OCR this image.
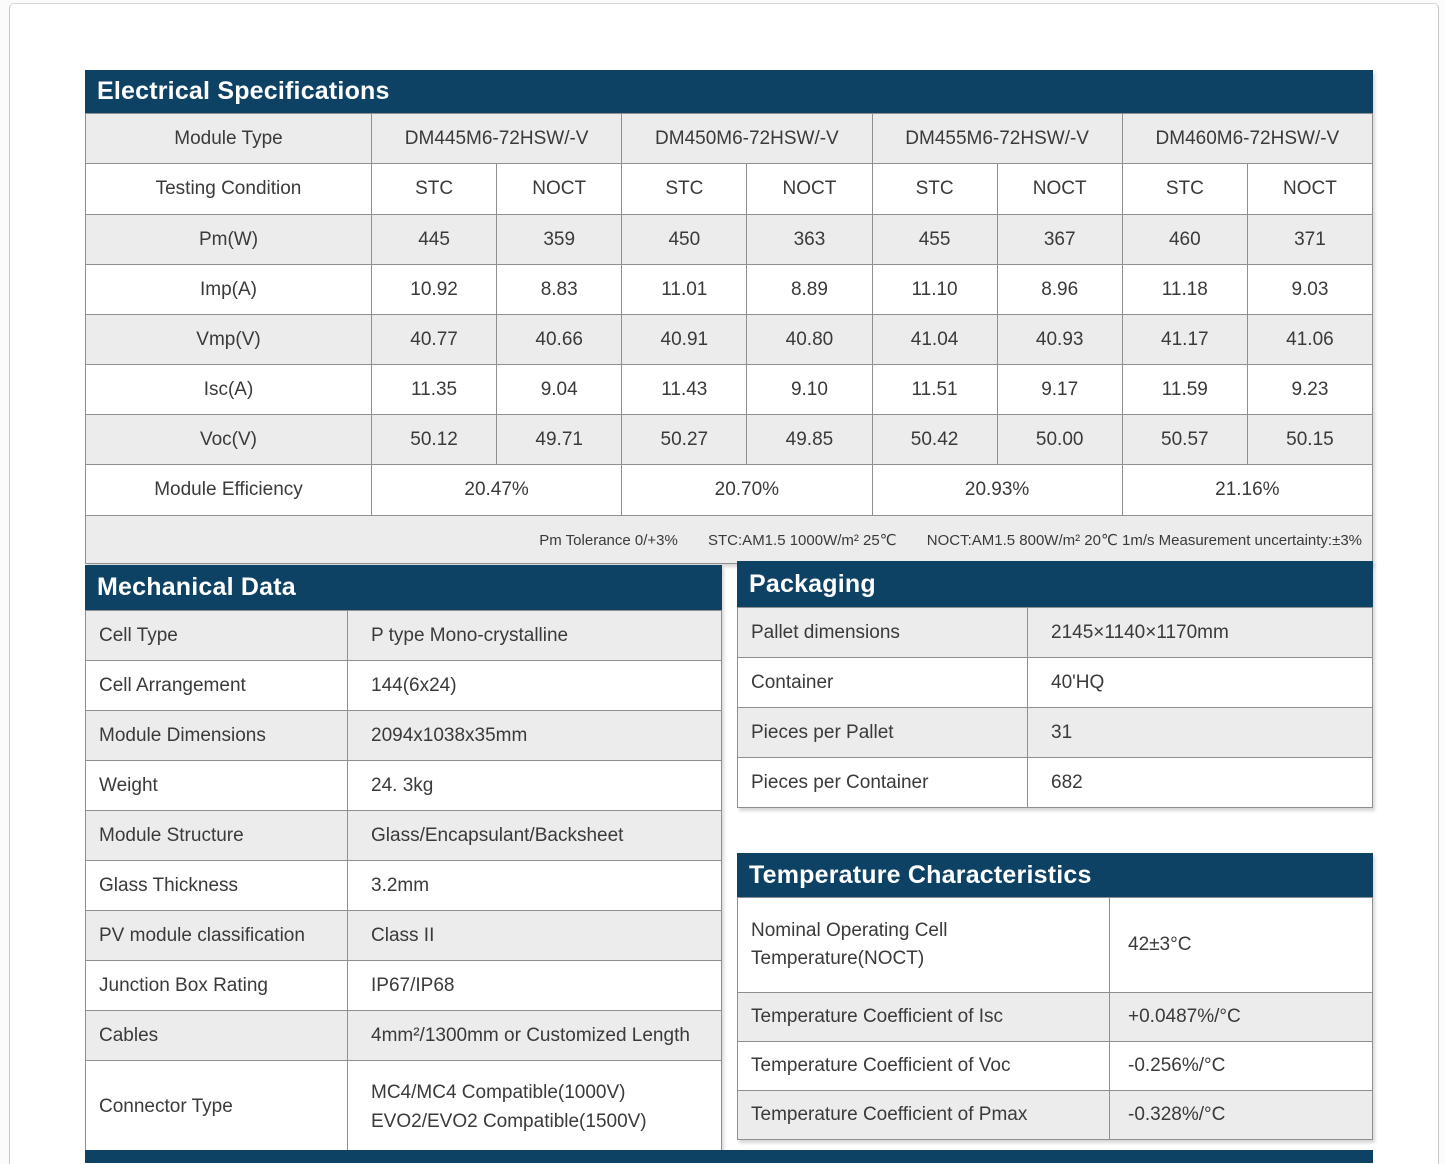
Electrical Specifications
Module Type	DM445M6-72HSW/-V		DM450M6-72HSW/-V		DM455M6-72HSW/-V		DM460M6-72HSW/-V	
Testing Condition	STC	NOCT	STC	NOCT	STC	NOCT	STC	NOCT
Pm(W)	445	359	450	363	455	367	460	371
Imp(A)	10.92	8.83	11.01	8.89	11.10	8.96	11.18	9.03
Vmp(V)	40.77	40.66	40.91	40.80	41.04	40.93	41.17	41.06
Isc(A)	11.35	9.04	11.43	9.10	11.51	9.17	11.59	9.23
Voc(V)	50.12	49.71	50.27	49.85	50.42	50.00	50.57	50.15
Module Efficiency	20.47%		20.70%		20.93%		21.16%	
Pm Tolerance 0/+3% STC:AM1.5 1000W/m² 25℃ NOCT:AM1.5 800W/m² 20℃ 1m/s Measurement uncertainty:±3%								
Mechanical Data
Cell Type	P type Mono-crystalline
Cell Arrangement	144(6x24)
Module Dimensions	2094x1038x35mm
Weight	24. 3kg
Module Structure	Glass/Encapsulant/Backsheet
Glass Thickness	3.2mm
PV module classification	Class II
Junction Box Rating	IP67/IP68
Cables	4mm²/1300mm or Customized Length
Connector Type	MC4/MC4 Compatible(1000V)
EVO2/EVO2 Compatible(1500V)
Packaging
Pallet dimensions	2145×1140×1170mm
Container	40'HQ
Pieces per Pallet	31
Pieces per Container	682
Temperature Characteristics
Nominal Operating Cell Temperature(NOCT)	42±3°C
Temperature Coefficient of Isc	+0.0487%/°C
Temperature Coefficient of Voc	-0.256%/°C
Temperature Coefficient of Pmax	-0.328%/°C
